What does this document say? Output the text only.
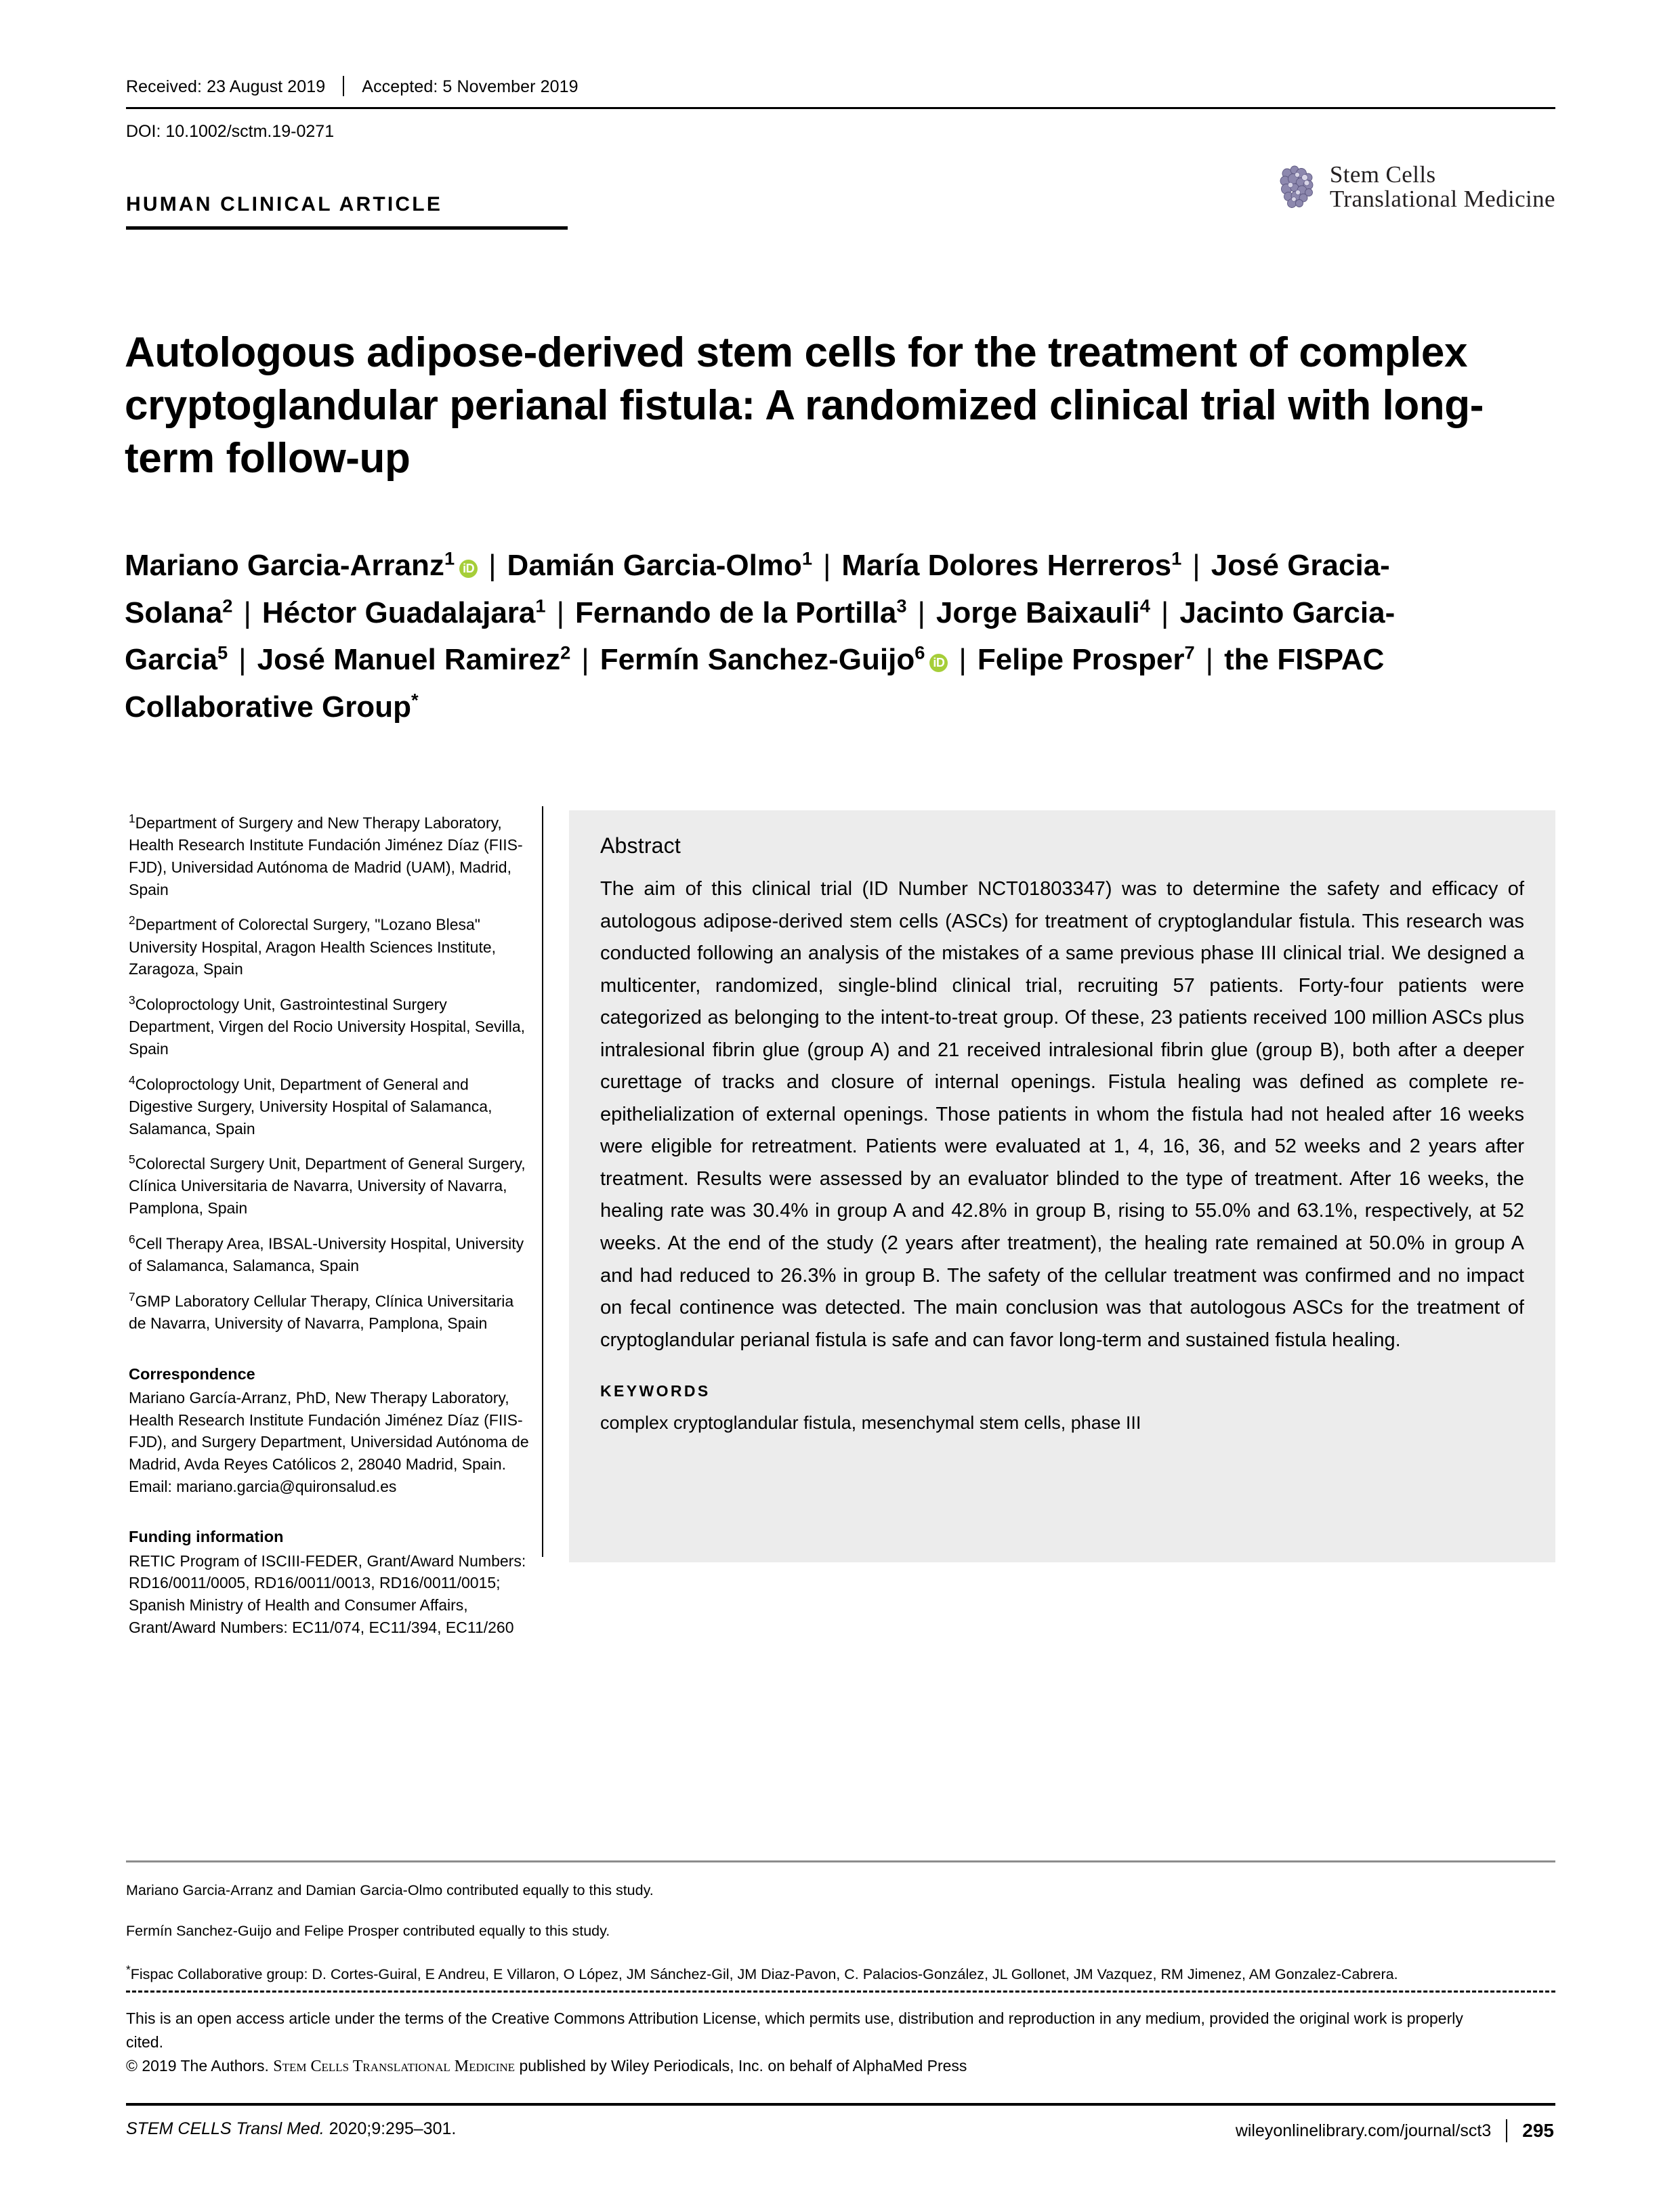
Received: 23 August 2019 Accepted: 5 November 2019
DOI: 10.1002/sctm.19-0271
HUMAN CLINICAL ARTICLE
Stem Cells
Translational Medicine
Autologous adipose-derived stem cells for the treatment of complex cryptoglandular perianal fistula: A randomized clinical trial with long-term follow-up
Mariano Garcia-Arranz$^1$ iD | Damián Garcia-Olmo$^1$ | María Dolores Herreros$^1$ | José Gracia-Solana$^2$ | Héctor Guadalajara$^1$ | Fernando de la Portilla$^3$ | Jorge Baixauli$^4$ | Jacinto Garcia-Garcia$^5$ | José Manuel Ramirez$^2$ | Fermín Sanchez-Guijo$^6$ iD | Felipe Prosper$^7$ | the FISPAC Collaborative Group*
$^1$Department of Surgery and New Therapy Laboratory, Health Research Institute Fundación Jiménez Díaz (FIIS-FJD), Universidad Autónoma de Madrid (UAM), Madrid, Spain
$^2$Department of Colorectal Surgery, "Lozano Blesa" University Hospital, Aragon Health Sciences Institute, Zaragoza, Spain
$^3$Coloproctology Unit, Gastrointestinal Surgery Department, Virgen del Rocio University Hospital, Sevilla, Spain
$^4$Coloproctology Unit, Department of General and Digestive Surgery, University Hospital of Salamanca, Salamanca, Spain
$^5$Colorectal Surgery Unit, Department of General Surgery, Clínica Universitaria de Navarra, University of Navarra, Pamplona, Spain
$^6$Cell Therapy Area, IBSAL-University Hospital, University of Salamanca, Salamanca, Spain
$^7$GMP Laboratory Cellular Therapy, Clínica Universitaria de Navarra, University of Navarra, Pamplona, Spain
Correspondence
Mariano García-Arranz, PhD, New Therapy Laboratory, Health Research Institute Fundación Jiménez Díaz (FIIS-FJD), and Surgery Department, Universidad Autónoma de Madrid, Avda Reyes Católicos 2, 28040 Madrid, Spain. Email: mariano.garcia@quironsalud.es
Funding information
RETIC Program of ISCIII-FEDER, Grant/Award Numbers: RD16/0011/0005, RD16/0011/0013, RD16/0011/0015; Spanish Ministry of Health and Consumer Affairs, Grant/Award Numbers: EC11/074, EC11/394, EC11/260
Abstract
The aim of this clinical trial (ID Number NCT01803347) was to determine the safety and efficacy of autologous adipose-derived stem cells (ASCs) for treatment of cryptoglandular fistula. This research was conducted following an analysis of the mistakes of a same previous phase III clinical trial. We designed a multicenter, randomized, single-blind clinical trial, recruiting 57 patients. Forty-four patients were categorized as belonging to the intent-to-treat group. Of these, 23 patients received 100 million ASCs plus intralesional fibrin glue (group A) and 21 received intralesional fibrin glue (group B), both after a deeper curettage of tracks and closure of internal openings. Fistula healing was defined as complete re-epithelialization of external openings. Those patients in whom the fistula had not healed after 16 weeks were eligible for retreatment. Patients were evaluated at 1, 4, 16, 36, and 52 weeks and 2 years after treatment. Results were assessed by an evaluator blinded to the type of treatment. After 16 weeks, the healing rate was 30.4% in group A and 42.8% in group B, rising to 55.0% and 63.1%, respectively, at 52 weeks. At the end of the study (2 years after treatment), the healing rate remained at 50.0% in group A and had reduced to 26.3% in group B. The safety of the cellular treatment was confirmed and no impact on fecal continence was detected. The main conclusion was that autologous ASCs for the treatment of cryptoglandular perianal fistula is safe and can favor long-term and sustained fistula healing.
KEYWORDS
complex cryptoglandular fistula, mesenchymal stem cells, phase III

Mariano Garcia-Arranz and Damian Garcia-Olmo contributed equally to this study.

Fermín Sanchez-Guijo and Felipe Prosper contributed equally to this study.

*Fispac Collaborative group: D. Cortes-Guiral, E Andreu, E Villaron, O López, JM Sánchez-Gil, JM Diaz-Pavon, C. Palacios-González, JL Gollonet, JM Vazquez, RM Jimenez, AM Gonzalez-Cabrera.

This is an open access article under the terms of the Creative Commons Attribution License, which permits use, distribution and reproduction in any medium, provided the original work is properly cited.
© 2019 The Authors. Stem Cells Translational Medicine published by Wiley Periodicals, Inc. on behalf of AlphaMed Press
STEM CELLS Transl Med. 2020;9:295–301.	wileyonlinelibrary.com/journal/sct3 295
